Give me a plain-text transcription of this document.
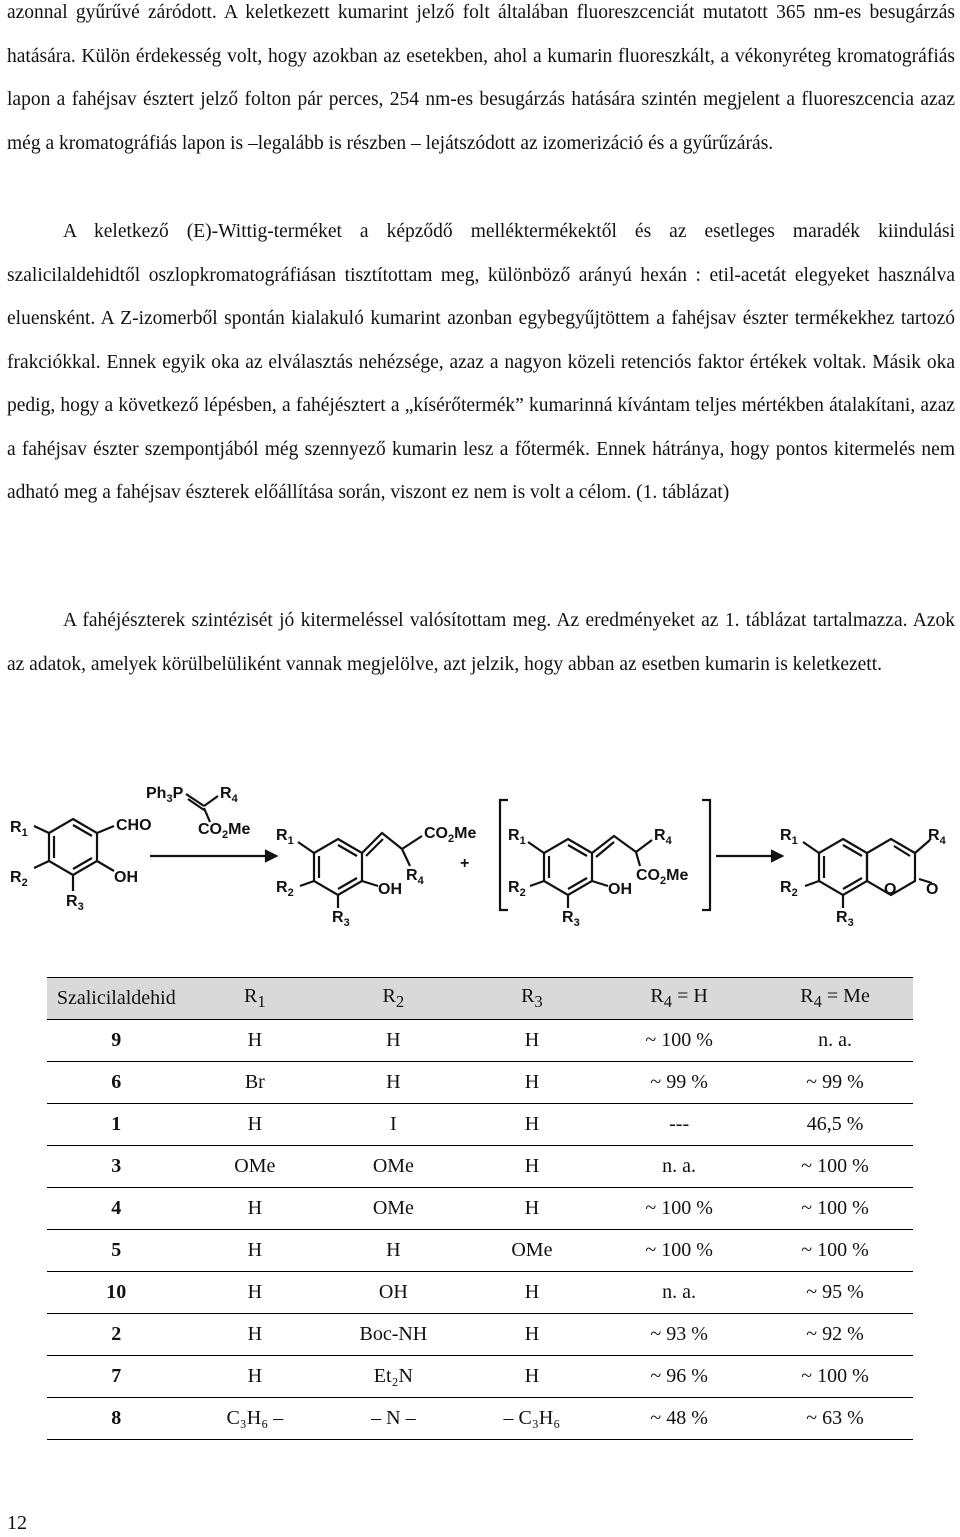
azonnal gyűrűvé záródott. A keletkezett kumarint jelző folt általában fluoreszcenciát mutatott 365 nm-es besugárzás hatására. Külön érdekesség volt, hogy azokban az esetekben, ahol a kumarin fluoreszkált, a vékonyréteg kromatográfiás lapon a fahéjsav észtert jelző folton pár perces, 254 nm-es besugárzás hatására szintén megjelent a fluoreszcencia azaz még a kromatográfiás lapon is –legalább is részben – lejátszódott az izomerizáció és a gyűrűzárás.

A keletkező (E)-Wittig-terméket a képződő melléktermékektől és az esetleges maradék kiindulási szalicilaldehidtől oszlopkromatográfiásan tisztítottam meg, különböző arányú hexán : etil-acetát elegyeket használva eluensként. A Z-izomerből spontán kialakuló kumarint azonban egybegyűjtöttem a fahéjsav észter termékekhez tartozó frakciókkal. Ennek egyik oka az elválasztás nehézsége, azaz a nagyon közeli retenciós faktor értékek voltak. Másik oka pedig, hogy a következő lépésben, a fahéjésztert a „kísérőtermék” kumarinná kívántam teljes mértékben átalakítani, azaz a fahéjsav észter szempontjából még szennyező kumarin lesz a főtermék. Ennek hátránya, hogy pontos kitermelés nem adható meg a fahéjsav észterek előállítása során, viszont ez nem is volt a célom. (1. táblázat)

A fahéjészterek szintézisét jó kitermeléssel valósítottam meg. Az eredményeket az 1. táblázat tartalmazza. Azok az adatok, amelyek körülbelüliként vannak megjelölve, azt jelzik, hogy abban az esetben kumarin is keletkezett.

$R_1$
$R_2$
$R_3$
CHO
OH
$Ph_3P$ $R_4$
$CO_2Me$ $R_1$
$R_2$
$R_3$
OH
$R_4$
$CO_2Me$
+
$R_1$
$R_2$
$R_3$
OH
$R_4$
$CO_2Me$
$R_1$
$R_2$
$R_3$
O O
$R_4$
Szalicilaldehid	$R_1$	$R_2$	$R_3$	$R_4 = H$	$R_4 = Me$
9	H	H	H	~ 100 %	n. a.
6	Br	H	H	~ 99 %	~ 99 %
1	H	I	H	---	46,5 %
3	OMe	OMe	H	n. a.	~ 100 %
4	H	OMe	H	~ 100 %	~ 100 %
5	H	H	OMe	~ 100 %	~ 100 %
10	H	OH	H	n. a.	~ 95 %
2	H	Boc-NH	H	~ 93 %	~ 92 %
7	H	Et₂N	H	~ 96 %	~ 100 %
8	C₃H₆ –	– N –	– C₃H₆	~ 48 %	~ 63 %
12
